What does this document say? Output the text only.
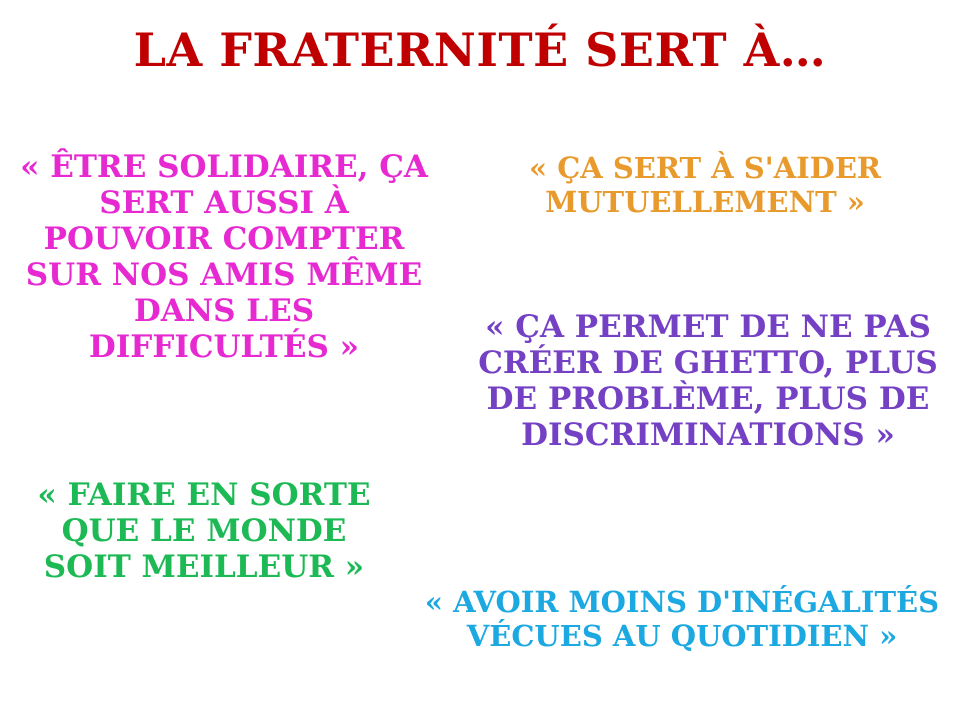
LA FRATERNITÉ SERT À…
« ÊTRE SOLIDAIRE, ÇA SERT AUSSI À POUVOIR COMPTER SUR NOS AMIS MÊME DANS LES DIFFICULTÉS »
« FAIRE EN SORTE QUE LE MONDE SOIT MEILLEUR »
« ÇA SERT À S'AIDER MUTUELLEMENT »
« ÇA PERMET DE NE PAS CRÉER DE GHETTO, PLUS DE PROBLÈME, PLUS DE DISCRIMINATIONS »
« AVOIR MOINS D'INÉGALITÉS VÉCUES AU QUOTIDIEN »
